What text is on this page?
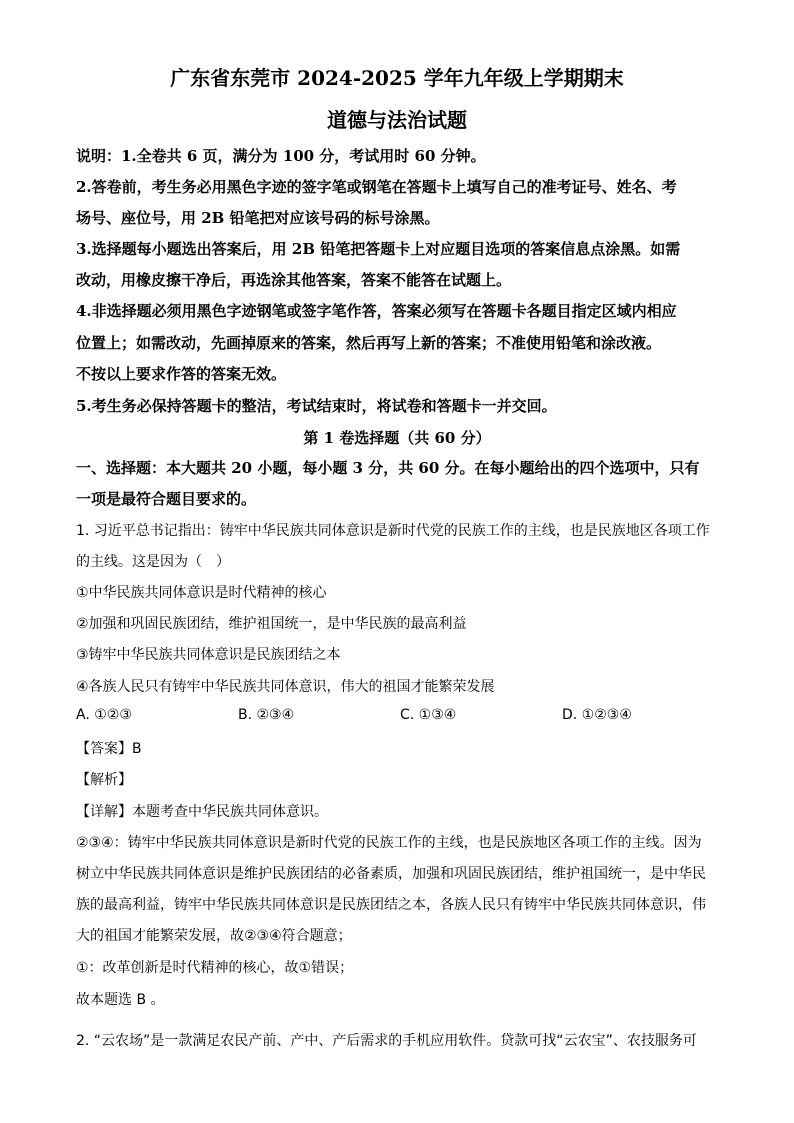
广东省东莞市 2024-2025 学年九年级上学期期末
道德与法治试题
说明：1.全卷共 6 页，满分为 100 分，考试用时 60 分钟。
2.答卷前，考生务必用黑色字迹的签字笔或钢笔在答题卡上填写自己的准考证号、姓名、考
场号、座位号，用 2B 铅笔把对应该号码的标号涂黑。
3.选择题每小题选出答案后，用 2B 铅笔把答题卡上对应题目选项的答案信息点涂黑。如需
改动，用橡皮擦干净后，再选涂其他答案，答案不能答在试题上。
4.非选择题必须用黑色字迹钢笔或签字笔作答，答案必须写在答题卡各题目指定区域内相应
位置上；如需改动，先画掉原来的答案，然后再写上新的答案；不准使用铅笔和涂改液。
不按以上要求作答的答案无效。
5.考生务必保持答题卡的整洁，考试结束时，将试卷和答题卡一并交回。
第 1 卷选择题（共 60 分）
一、选择题：本大题共 20 小题，每小题 3 分，共 60 分。在每小题给出的四个选项中，只有
一项是最符合题目要求的。
1. 习近平总书记指出：铸牢中华民族共同体意识是新时代党的民族工作的主线，也是民族地区各项工作
的主线。这是因为（　）
①中华民族共同体意识是时代精神的核心
②加强和巩固民族团结，维护祖国统一，是中华民族的最高利益
③铸牢中华民族共同体意识是民族团结之本
④各族人民只有铸牢中华民族共同体意识，伟大的祖国才能繁荣发展
A. ①②③	B. ②③④	C. ①③④	D. ①②③④
【答案】B
【解析】
【详解】本题考查中华民族共同体意识。
②③④：铸牢中华民族共同体意识是新时代党的民族工作的主线，也是民族地区各项工作的主线。因为
树立中华民族共同体意识是维护民族团结的必备素质，加强和巩固民族团结，维护祖国统一，是中华民
族的最高利益，铸牢中华民族共同体意识是民族团结之本，各族人民只有铸牢中华民族共同体意识，伟
大的祖国才能繁荣发展，故②③④符合题意；
①：改革创新是时代精神的核心，故①错误；
故本题选 B 。
2. “云农场”是一款满足农民产前、产中、产后需求的手机应用软件。贷款可找“云农宝”、农技服务可
